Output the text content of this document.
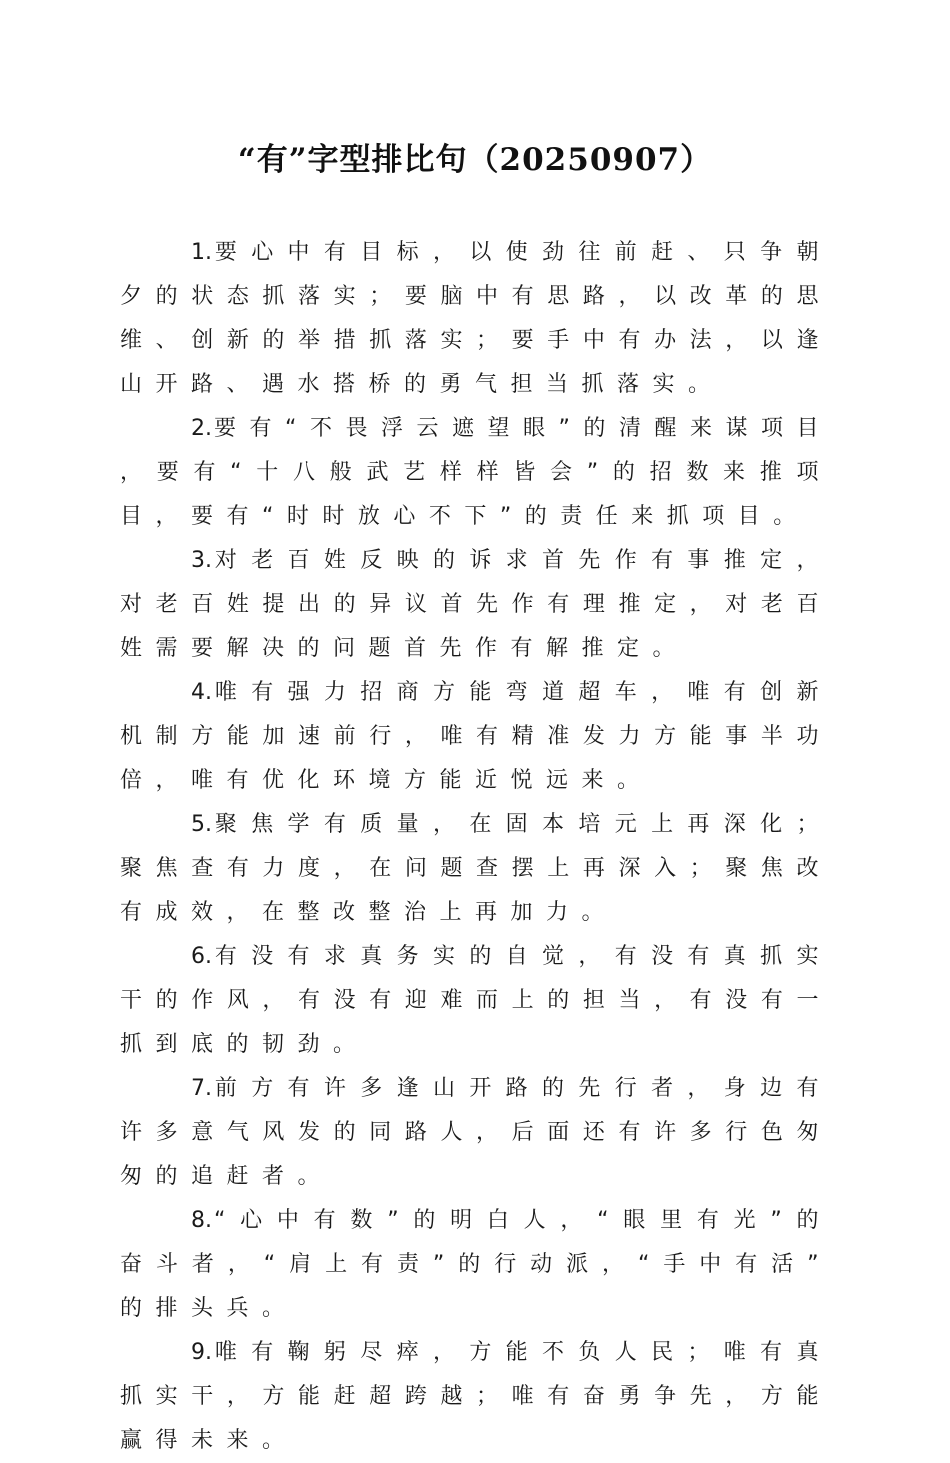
“有”字型排比句（20250907）

1.要心中有目标，以使劲往前赶、只争朝夕的状态抓落实；要脑中有思路，以改革的思维、创新的举措抓落实；要手中有办法，以逢山开路、遇水搭桥的勇气担当抓落实。

2.要有“不畏浮云遮望眼”的清醒来谋项目，要有“十八般武艺样样皆会”的招数来推项目，要有“时时放心不下”的责任来抓项目。

3.对老百姓反映的诉求首先作有事推定，对老百姓提出的异议首先作有理推定，对老百姓需要解决的问题首先作有解推定。

4.唯有强力招商方能弯道超车，唯有创新机制方能加速前行，唯有精准发力方能事半功倍，唯有优化环境方能近悦远来。

5.聚焦学有质量，在固本培元上再深化；聚焦查有力度，在问题查摆上再深入；聚焦改有成效，在整改整治上再加力。

6.有没有求真务实的自觉，有没有真抓实干的作风，有没有迎难而上的担当，有没有一抓到底的韧劲。

7.前方有许多逢山开路的先行者，身边有许多意气风发的同路人，后面还有许多行色匆匆的追赶者。

8.“心中有数”的明白人，“眼里有光”的奋斗者，“肩上有责”的行动派，“手中有活”的排头兵。

9.唯有鞠躬尽瘁，方能不负人民；唯有真抓实干，方能赶超跨越；唯有奋勇争先，方能赢得未来。
